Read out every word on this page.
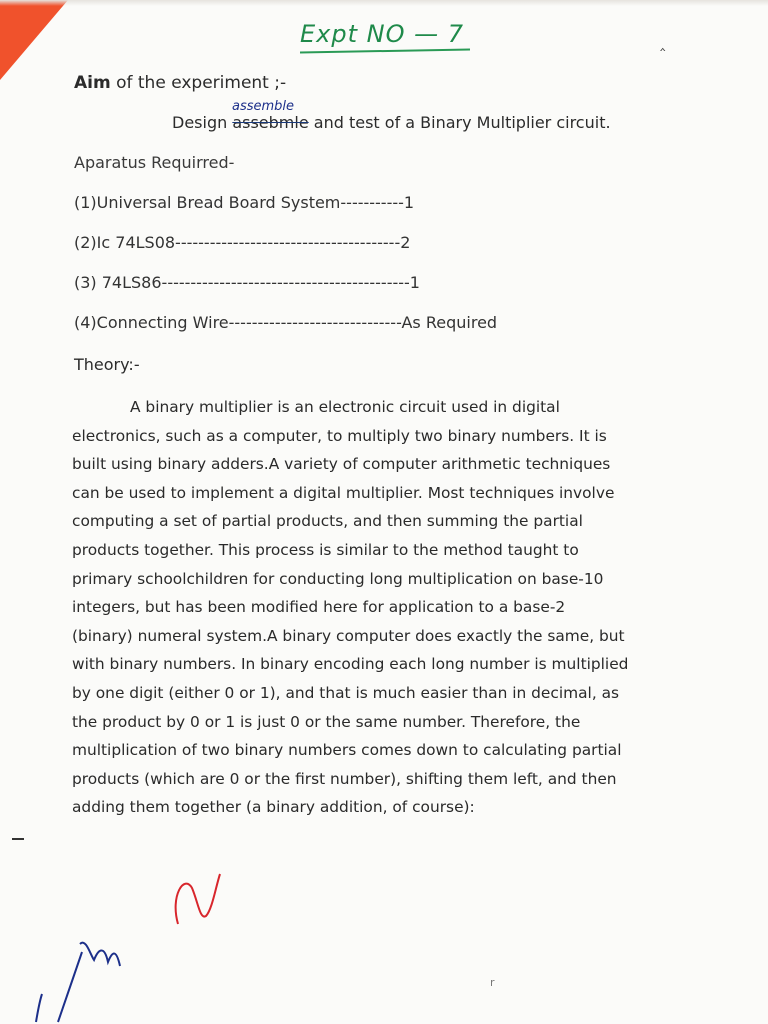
Expt NO — 7	‸
Aim of the experiment ;-
assemble
Design assebmle and test of a Binary Multiplier circuit.
Aparatus Requirred-
(1)Universal Bread Board System-----------1
(2)Ic 74LS08---------------------------------------2
(3) 74LS86-------------------------------------------1
(4)Connecting Wire------------------------------As Required
Theory:-

A binary multiplier is an electronic circuit used in digital

electronics, such as a computer, to multiply two binary numbers. It is

built using binary adders.A variety of computer arithmetic techniques

can be used to implement a digital multiplier. Most techniques involve

computing a set of partial products, and then summing the partial

products together. This process is similar to the method taught to

primary schoolchildren for conducting long multiplication on base-10

integers, but has been modified here for application to a base-2

(binary) numeral system.A binary computer does exactly the same, but

with binary numbers. In binary encoding each long number is multiplied

by one digit (either 0 or 1), and that is much easier than in decimal, as

the product by 0 or 1 is just 0 or the same number. Therefore, the

multiplication of two binary numbers comes down to calculating partial

products (which are 0 or the first number), shifting them left, and then

adding them together (a binary addition, of course):

r
